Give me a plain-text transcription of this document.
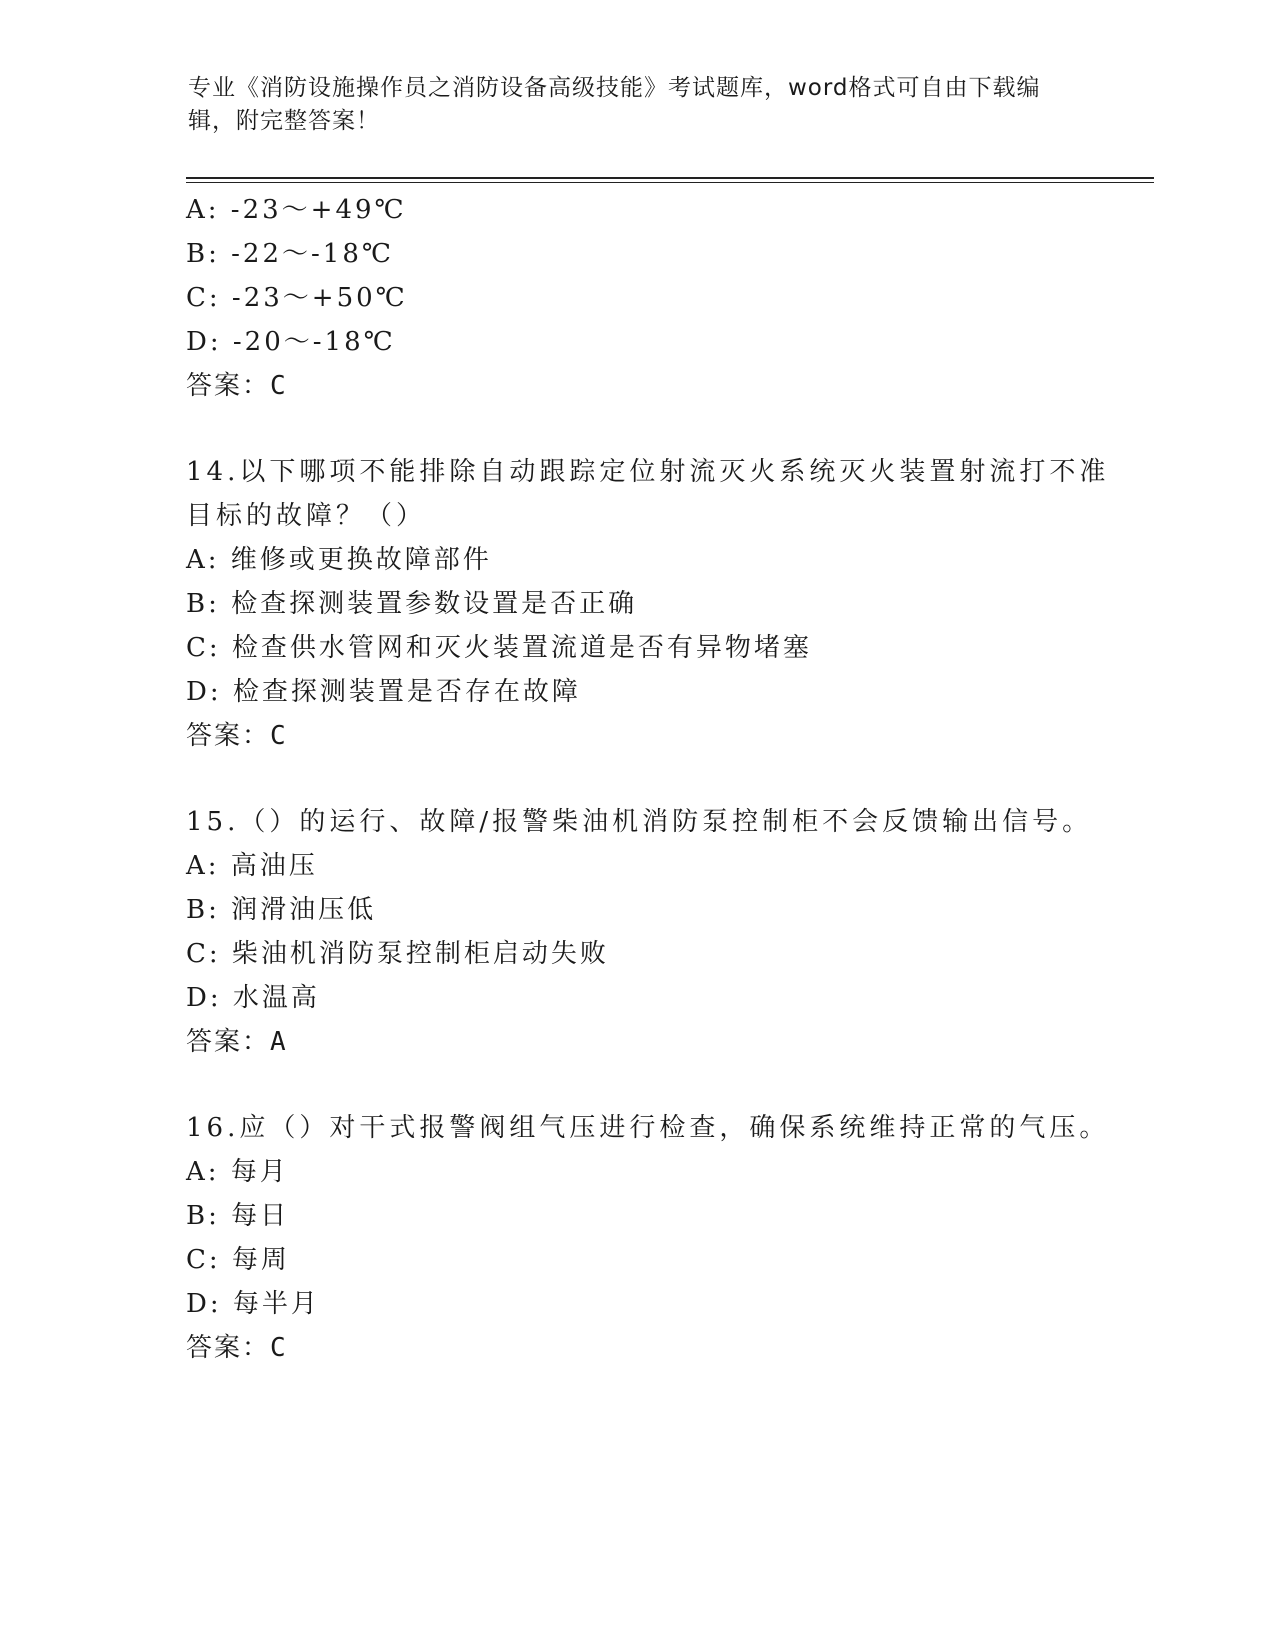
专业《消防设施操作员之消防设备高级技能》考试题库，word格式可自由下载编
辑，附完整答案！
A: -23～+49℃
B: -22～-18℃
C: -23～+50℃
D: -20～-18℃
答案：C
14.以下哪项不能排除自动跟踪定位射流灭火系统灭火装置射流打不准
目标的故障？（）
A: 维修或更换故障部件
B: 检查探测装置参数设置是否正确
C: 检查供水管网和灭火装置流道是否有异物堵塞
D: 检查探测装置是否存在故障
答案：C
15.（）的运行、故障/报警柴油机消防泵控制柜不会反馈输出信号。
A: 高油压
B: 润滑油压低
C: 柴油机消防泵控制柜启动失败
D: 水温高
答案：A
16.应（）对干式报警阀组气压进行检查，确保系统维持正常的气压。
A: 每月
B: 每日
C: 每周
D: 每半月
答案：C
